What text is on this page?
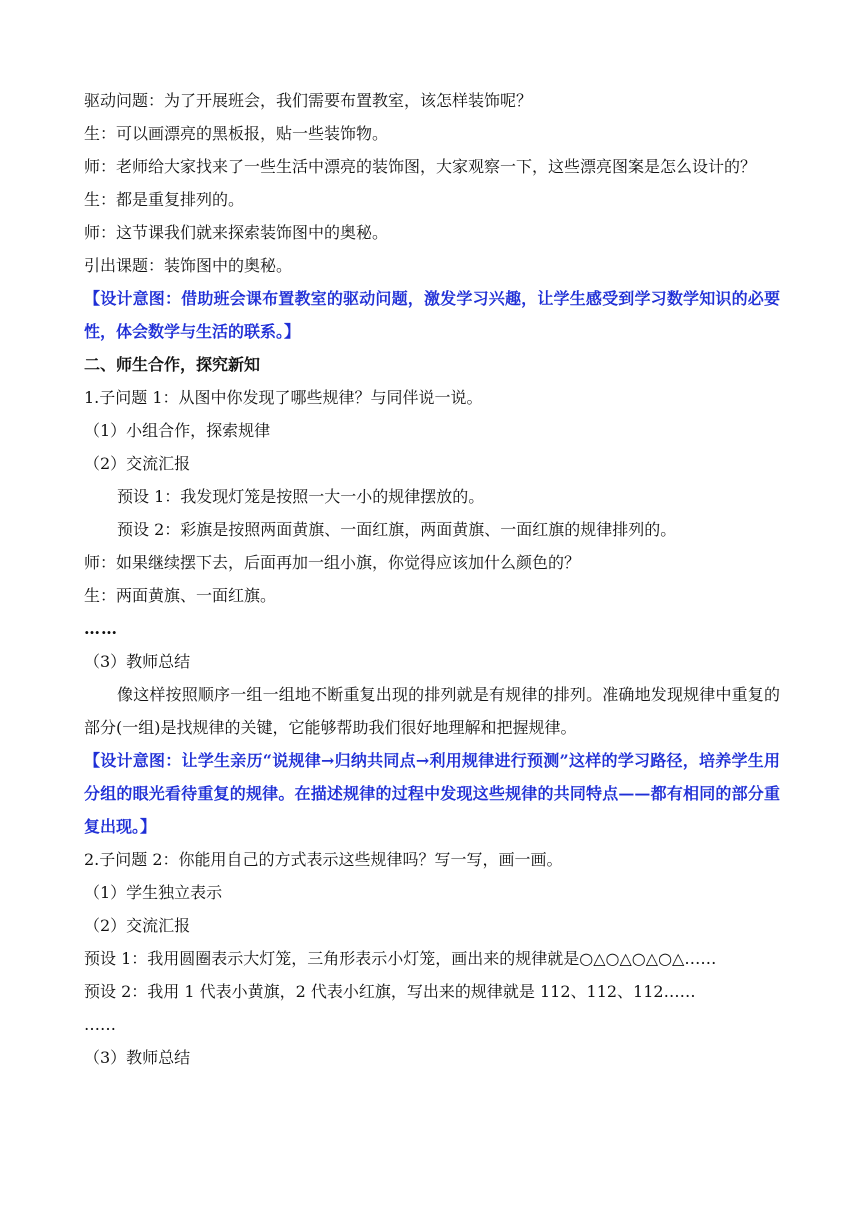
驱动问题：为了开展班会，我们需要布置教室，该怎样装饰呢？
生：可以画漂亮的黑板报，贴一些装饰物。
师：老师给大家找来了一些生活中漂亮的装饰图，大家观察一下，这些漂亮图案是怎么设计的？
生：都是重复排列的。
师：这节课我们就来探索装饰图中的奥秘。
引出课题：装饰图中的奥秘。
【设计意图：借助班会课布置教室的驱动问题，激发学习兴趣，让学生感受到学习数学知识的必要性，体会数学与生活的联系。】
二、师生合作，探究新知
1.子问题 1：从图中你发现了哪些规律？与同伴说一说。
（1）小组合作，探索规律
（2）交流汇报
预设 1：我发现灯笼是按照一大一小的规律摆放的。
预设 2：彩旗是按照两面黄旗、一面红旗，两面黄旗、一面红旗的规律排列的。
师：如果继续摆下去，后面再加一组小旗，你觉得应该加什么颜色的？
生：两面黄旗、一面红旗。
……
（3）教师总结
像这样按照顺序一组一组地不断重复出现的排列就是有规律的排列。准确地发现规律中重复的部分(一组)是找规律的关键，它能够帮助我们很好地理解和把握规律。
【设计意图：让学生亲历“说规律→归纳共同点→利用规律进行预测”这样的学习路径，培养学生用分组的眼光看待重复的规律。在描述规律的过程中发现这些规律的共同特点——都有相同的部分重复出现。】
2.子问题 2：你能用自己的方式表示这些规律吗？写一写，画一画。
（1）学生独立表示
（2）交流汇报
预设 1：我用圆圈表示大灯笼，三角形表示小灯笼，画出来的规律就是○△○△○△○△……
预设 2：我用 1 代表小黄旗，2 代表小红旗，写出来的规律就是 112、112、112……
……
（3）教师总结
